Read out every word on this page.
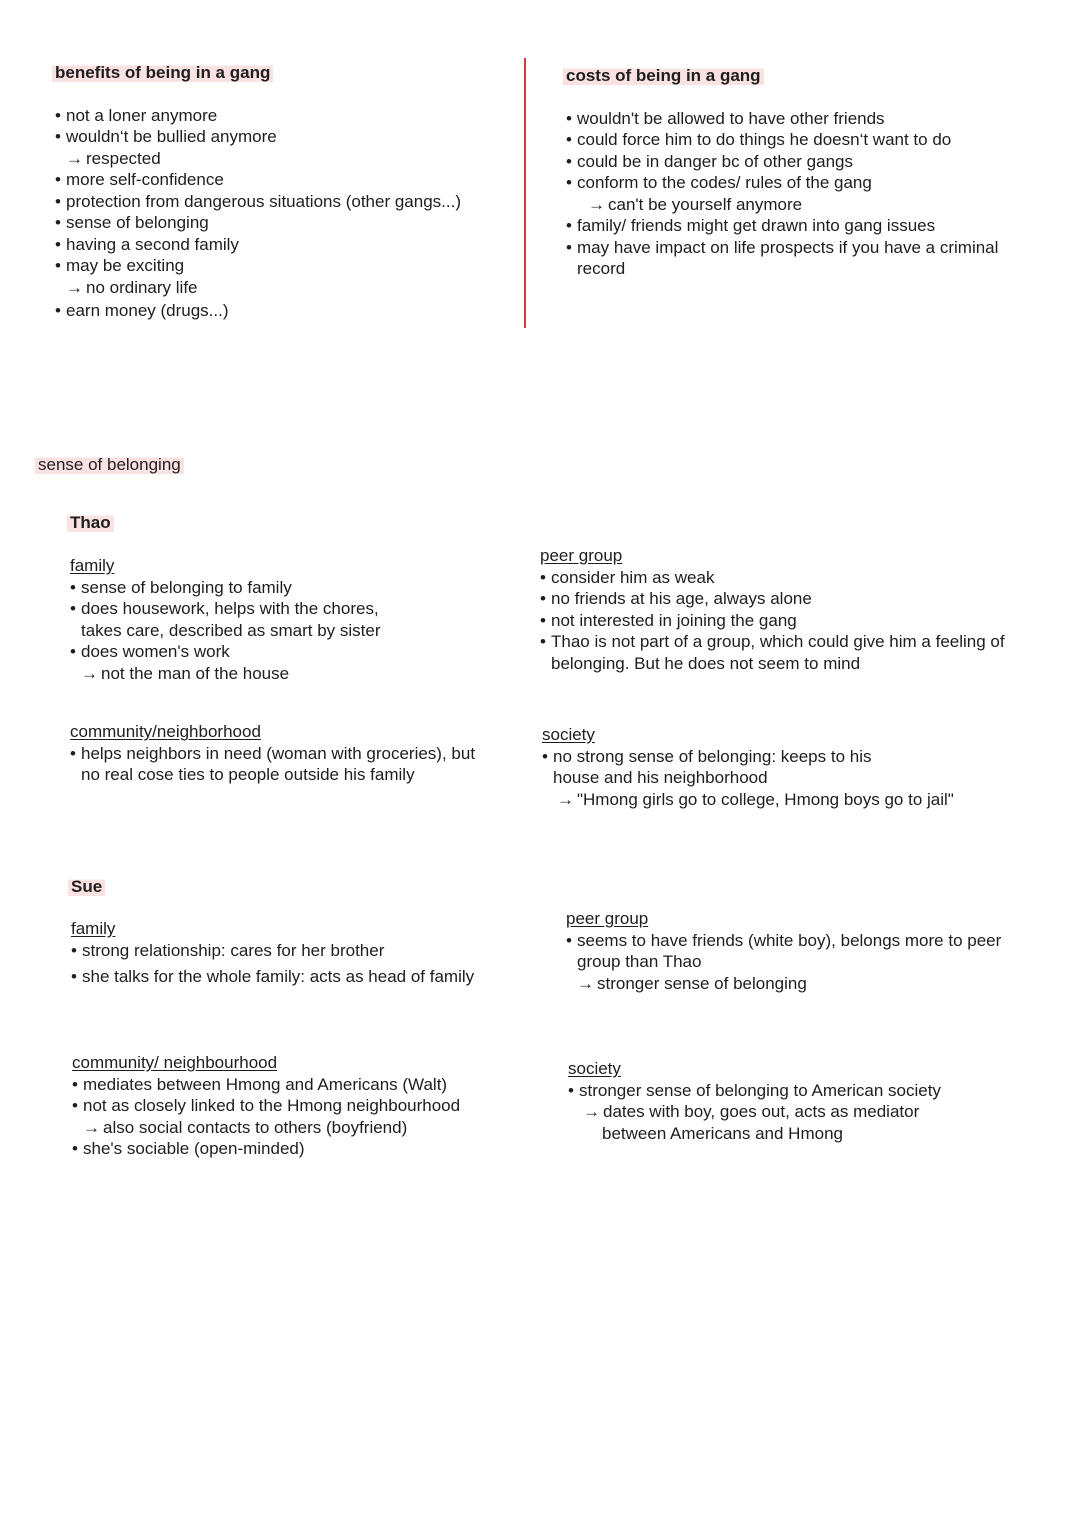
benefits of being in a gang
• not a loner anymore
• wouldn‘t be bullied anymore
→ respected
• more self-confidence
• protection from dangerous situations (other gangs...)
• sense of belonging
• having a second family
• may be exciting
→ no ordinary life
• earn money (drugs...)
costs of being in a gang
• wouldn't be allowed to have other friends
• could force him to do things he doesn‘t want to do
• could be in danger bc of other gangs
• conform to the codes/ rules of the gang
→ can't be yourself anymore
• family/ friends might get drawn into gang issues
• may have impact on life prospects if you have a criminal
record
sense of belonging
Thao
family
• sense of belonging to family
• does housework, helps with the chores,
takes care, described as smart by sister
• does women's work
→ not the man of the house
peer group
• consider him as weak
• no friends at his age, always alone
• not interested in joining the gang
• Thao is not part of a group, which could give him a feeling of
belonging. But he does not seem to mind
community/neighborhood
• helps neighbors in need (woman with groceries), but
no real cose ties to people outside his family
society
• no strong sense of belonging: keeps to his
house and his neighborhood
→ "Hmong girls go to college, Hmong boys go to jail"
Sue
family
• strong relationship: cares for her brother
• she talks for the whole family: acts as head of family
peer group
• seems to have friends (white boy), belongs more to peer
group than Thao
→ stronger sense of belonging
community/ neighbourhood
• mediates between Hmong and Americans (Walt)
• not as closely linked to the Hmong neighbourhood
→ also social contacts to others (boyfriend)
• she's sociable (open-minded)
society
• stronger sense of belonging to American society
→ dates with boy, goes out, acts as mediator
between Americans and Hmong
